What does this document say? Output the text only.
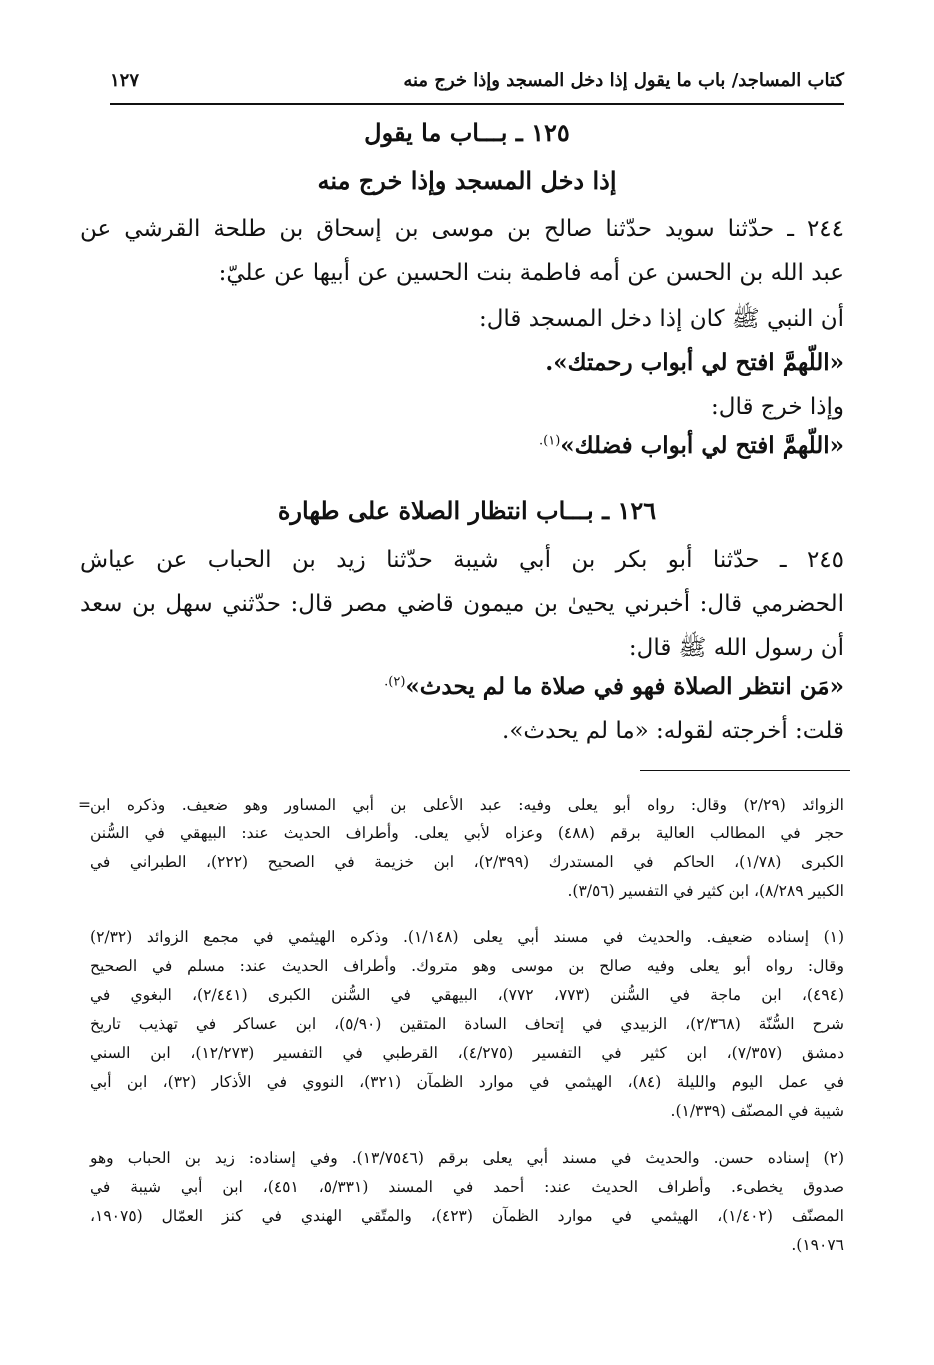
كتاب المساجد/ باب ما يقول إذا دخل المسجد وإذا خرج منه
١٢٧
١٢٥ ـ بـــاب ما يقول
إذا دخل المسجد وإذا خرج منه
٢٤٤ ـ حدّثنا سويد حدّثنا صالح بن موسى بن إسحاق بن طلحة القرشي عن
عبد الله بن الحسن عن أمه فاطمة بنت الحسين عن أبيها عن عليّ:
أن النبي ﷺ كان إذا دخل المسجد قال:
«اللّهمَّ افتح لي أبواب رحمتك».
وإذا خرج قال:
«اللّهمَّ افتح لي أبواب فضلك»$^{(١).}$
١٢٦ ـ بـــاب انتظار الصلاة على طهارة
٢٤٥ ـ حدّثنا أبو بكر بن أبي شيبة حدّثنا زيد بن الحباب عن عياش
الحضرمي قال: أخبرني يحيىٰ بن ميمون قاضي مصر قال: حدّثني سهل بن سعد
أن رسول الله ﷺ قال:
«مَن انتظر الصلاة فهو في صلاة ما لم يحدث»$^{(٢).}$
قلت: أخرجته لقوله: «ما لم يحدث».
= الزوائد (٢/٢٩) وقال: رواه أبو يعلى وفيه: عبد الأعلى بن أبي المساور وهو ضعيف. وذكره ابن
حجر في المطالب العالية برقم (٤٨٨) وعزاه لأبي يعلى. وأطراف الحديث عند: البيهقي في السُّنن
الكبرى (١/٧٨)، الحاكم في المستدرك (٢/٣٩٩)، ابن خزيمة في الصحيح (٢٢٢)، الطبراني في
الكبير ٨/٢٨٩)، ابن كثير في التفسير (٣/٥٦).
(١) إسناده ضعيف. والحديث في مسند أبي يعلى (١/١٤٨). وذكره الهيثمي في مجمع الزوائد (٢/٣٢)
وقال: رواه أبو يعلى وفيه صالح بن موسى وهو متروك. وأطراف الحديث عند: مسلم في الصحيح
(٤٩٤)، ابن ماجة في السُّنن (٧٧٣، ٧٧٢)، البيهقي في السُّنن الكبرى (٢/٤٤١)، البغوي في
شرح السُّنّة (٢/٣٦٨)، الزبيدي في إتحاف السادة المتقين (٥/٩٠)، ابن عساكر في تهذيب تاريخ
دمشق (٧/٣٥٧)، ابن كثير في التفسير (٤/٢٧٥)، القرطبي في التفسير (١٢/٢٧٣)، ابن السني
في عمل اليوم والليلة (٨٤)، الهيثمي في موارد الظمآن (٣٢١)، النووي في الأذكار (٣٢)، ابن أبي
شيبة في المصنّف (١/٣٣٩).
(٢) إسناده حسن. والحديث في مسند أبي يعلى برقم (١٣/٧٥٤٦). وفي إسناده: زيد بن الحباب وهو
صدوق يخطىء. وأطراف الحديث عند: أحمد في المسند (٥/٣٣١، ٤٥١)، ابن أبي شيبة في
المصنّف (١/٤٠٢)، الهيثمي في موارد الظمآن (٤٢٣)، والمتّقي الهندي في كنز العمّال (١٩٠٧٥،
١٩٠٧٦).
